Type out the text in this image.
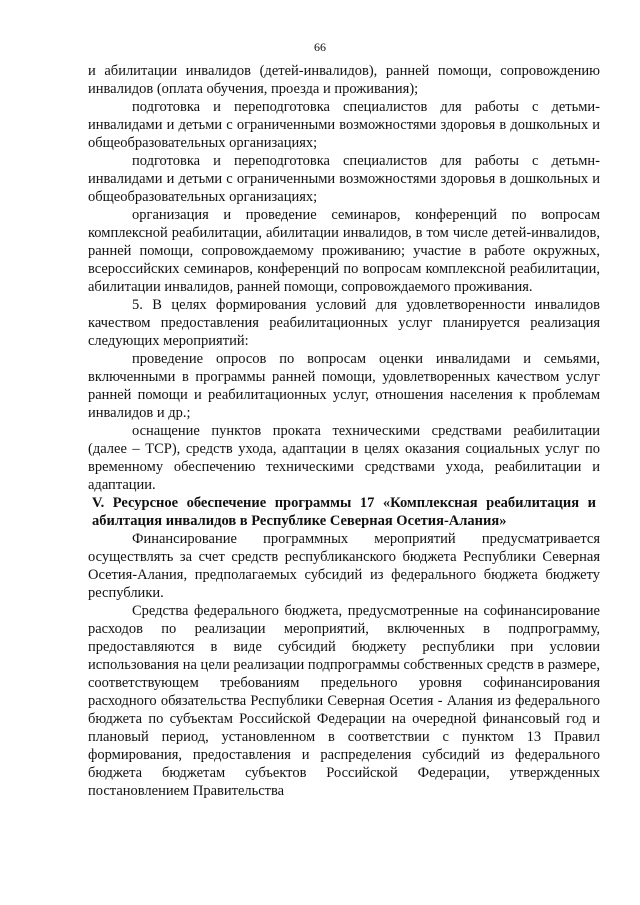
66

и абилитации инвалидов (детей-инвалидов), ранней помощи, сопровождению инвалидов (оплата обучения, проезда и проживания);

подготовка и переподготовка специалистов для работы с детьми-инвалидами и детьми с ограниченными возможностями здоровья в дошкольных и общеобразовательных организациях;

подготовка и переподготовка специалистов для работы с детьмн-инвалидами и детьми с ограниченными возможностями здоровья в дошкольных и общеобразовательных организациях;

организация и проведение семинаров, конференций по вопросам комплексной реабилитации, абилитации инвалидов, в том числе детей-инвалидов, ранней помощи, сопровождаемому проживанию; участие в работе окружных, всероссийских семинаров, конференций по вопросам комплексной реабилитации, абилитации инвалидов, ранней помощи, сопровождаемого проживания.

5. В целях формирования условий для удовлетворенности инвалидов качеством предоставления реабилитационных услуг планируется реализация следующих мероприятий:

проведение опросов по вопросам оценки инвалидами и семьями, включенными в программы ранней помощи, удовлетворенных качеством услуг ранней помощи и реабилитационных услуг, отношения населения к проблемам инвалидов и др.;

оснащение пунктов проката техническими средствами реабилитации (далее – ТСР), средств ухода, адаптации в целях оказания социальных услуг по временному обеспечению техническими средствами ухода, реабилитации и адаптации.

V. Ресурсное обеспечение программы 17 «Комплексная реабилитация и абилтация инвалидов в Республике Северная Осетия-Алания»

Финансирование программных мероприятий предусматривается осуществлять за счет средств республиканского бюджета Республики Северная Осетия-Алания, предполагаемых субсидий из федерального бюджета бюджету республики.

Средства федерального бюджета, предусмотренные на софинансирование расходов по реализации мероприятий, включенных в подпрограмму, предоставляются в виде субсидий бюджету республики при условии использования на цели реализации подпрограммы собственных средств в размере, соответствующем требованиям предельного уровня софинансирования расходного обязательства Республики Северная Осетия - Алания из федерального бюджета по субъектам Российской Федерации на очередной финансовый год и плановый период, установленном в соответствии с пунктом 13 Правил формирования, предоставления и распределения субсидий из федерального бюджета бюджетам субъектов Российской Федерации, утвержденных постановлением Правительства
